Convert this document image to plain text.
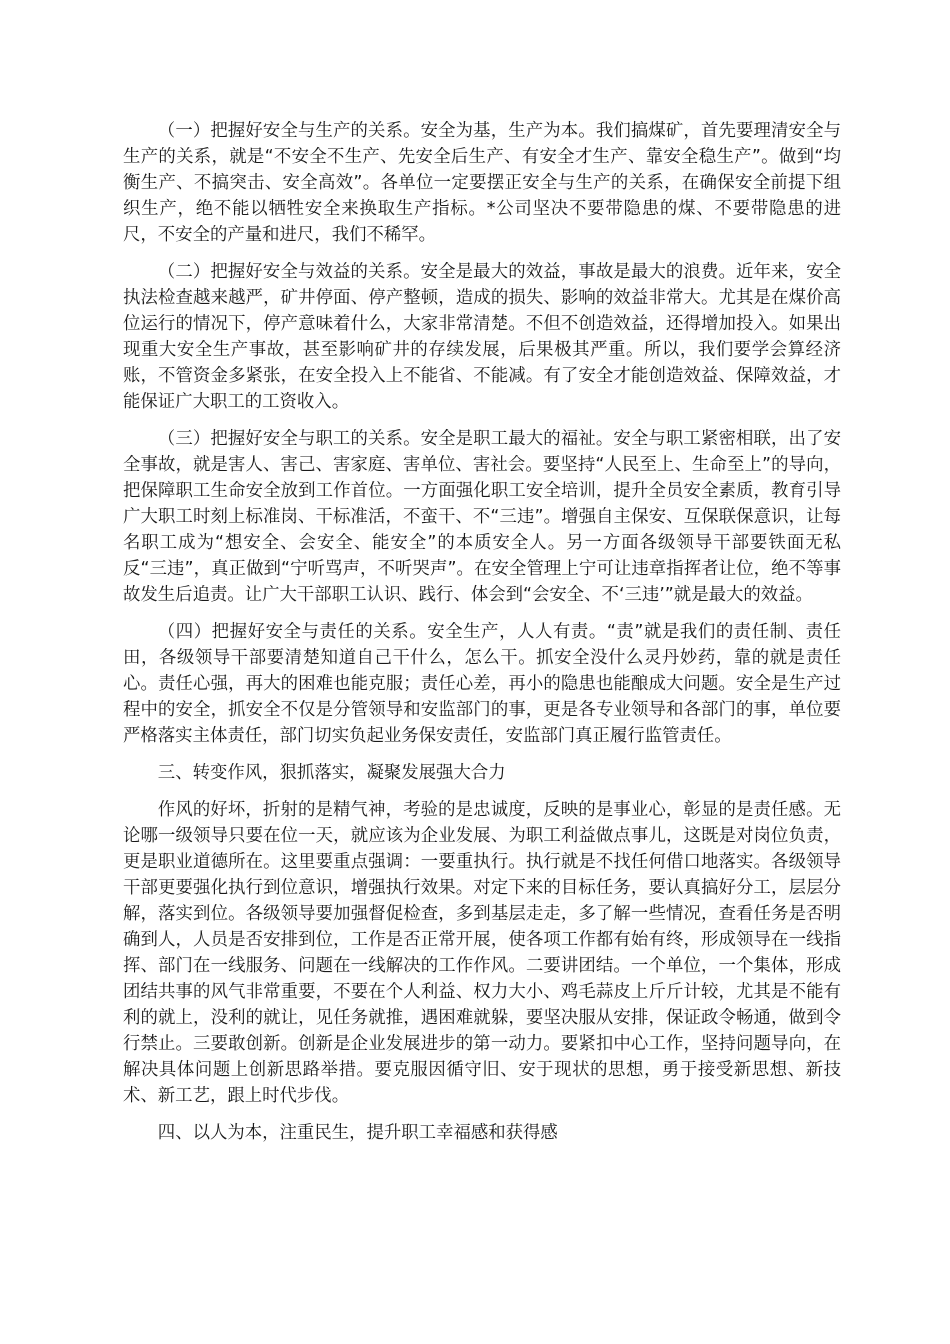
（一）把握好安全与生产的关系。安全为基，生产为本。我们搞煤矿，首先要理清安全与生产的关系，就是“不安全不生产、先安全后生产、有安全才生产、靠安全稳生产”。做到“均衡生产、不搞突击、安全高效”。各单位一定要摆正安全与生产的关系，在确保安全前提下组织生产，绝不能以牺牲安全来换取生产指标。*公司坚决不要带隐患的煤、不要带隐患的进尺，不安全的产量和进尺，我们不稀罕。

（二）把握好安全与效益的关系。安全是最大的效益，事故是最大的浪费。近年来，安全执法检查越来越严，矿井停面、停产整顿，造成的损失、影响的效益非常大。尤其是在煤价高位运行的情况下，停产意味着什么，大家非常清楚。不但不创造效益，还得增加投入。如果出现重大安全生产事故，甚至影响矿井的存续发展，后果极其严重。所以，我们要学会算经济账，不管资金多紧张，在安全投入上不能省、不能减。有了安全才能创造效益、保障效益，才能保证广大职工的工资收入。

（三）把握好安全与职工的关系。安全是职工最大的福祉。安全与职工紧密相联，出了安全事故，就是害人、害己、害家庭、害单位、害社会。要坚持“人民至上、生命至上”的导向，把保障职工生命安全放到工作首位。一方面强化职工安全培训，提升全员安全素质，教育引导广大职工时刻上标准岗、干标准活，不蛮干、不“三违”。增强自主保安、互保联保意识，让每名职工成为“想安全、会安全、能安全”的本质安全人。另一方面各级领导干部要铁面无私反“三违”，真正做到“宁听骂声，不听哭声”。在安全管理上宁可让违章指挥者让位，绝不等事故发生后追责。让广大干部职工认识、践行、体会到“会安全、不‘三违’”就是最大的效益。

（四）把握好安全与责任的关系。安全生产，人人有责。“责”就是我们的责任制、责任田，各级领导干部要清楚知道自己干什么，怎么干。抓安全没什么灵丹妙药，靠的就是责任心。责任心强，再大的困难也能克服；责任心差，再小的隐患也能酿成大问题。安全是生产过程中的安全，抓安全不仅是分管领导和安监部门的事，更是各专业领导和各部门的事，单位要严格落实主体责任，部门切实负起业务保安责任，安监部门真正履行监管责任。

三、转变作风，狠抓落实，凝聚发展强大合力

作风的好坏，折射的是精气神，考验的是忠诚度，反映的是事业心，彰显的是责任感。无论哪一级领导只要在位一天，就应该为企业发展、为职工利益做点事儿，这既是对岗位负责，更是职业道德所在。这里要重点强调：一要重执行。执行就是不找任何借口地落实。各级领导干部更要强化执行到位意识，增强执行效果。对定下来的目标任务，要认真搞好分工，层层分解，落实到位。各级领导要加强督促检查，多到基层走走，多了解一些情况，查看任务是否明确到人，人员是否安排到位，工作是否正常开展，使各项工作都有始有终，形成领导在一线指挥、部门在一线服务、问题在一线解决的工作作风。二要讲团结。一个单位，一个集体，形成团结共事的风气非常重要，不要在个人利益、权力大小、鸡毛蒜皮上斤斤计较，尤其是不能有利的就上，没利的就让，见任务就推，遇困难就躲，要坚决服从安排，保证政令畅通，做到令行禁止。三要敢创新。创新是企业发展进步的第一动力。要紧扣中心工作，坚持问题导向，在解决具体问题上创新思路举措。要克服因循守旧、安于现状的思想，勇于接受新思想、新技术、新工艺，跟上时代步伐。

四、以人为本，注重民生，提升职工幸福感和获得感
